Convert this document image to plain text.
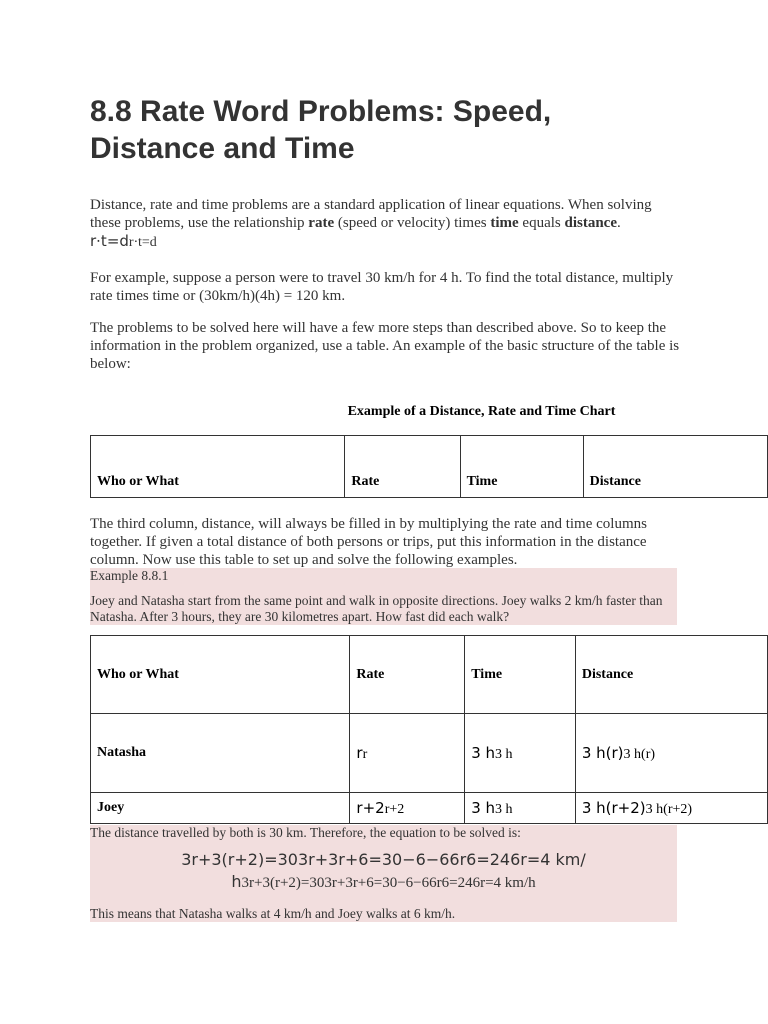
8.8 Rate Word Problems: Speed, Distance and Time

Distance, rate and time problems are a standard application of linear equations. When solving these problems, use the relationship rate (speed or velocity) times time equals distance.
r⋅t=dr⋅t=d

For example, suppose a person were to travel 30 km/h for 4 h. To find the total distance, multiply rate times time or (30km/h)(4h) = 120 km.

The problems to be solved here will have a few more steps than described above. So to keep the information in the problem organized, use a table. An example of the basic structure of the table is below:

Example of a Distance, Rate and Time Chart
Who or What	Rate	Time	Distance

The third column, distance, will always be filled in by multiplying the rate and time columns together. If given a total distance of both persons or trips, put this information in the distance column. Now use this table to set up and solve the following examples.

Example 8.8.1
Joey and Natasha start from the same point and walk in opposite directions. Joey walks 2 km/h faster than Natasha. After 3 hours, they are 30 kilometres apart. How fast did each walk?
Who or What	Rate	Time	Distance
Natasha	rr	3 h3 h	3 h(r)3 h(r)
Joey	r+2r+2	3 h3 h	3 h(r+2)3 h(r+2)
The distance travelled by both is 30 km. Therefore, the equation to be solved is:
3r+3(r+2)=303r+3r+6=30−6−66r6=246r=4 km/
h3r+3(r+2)=303r+3r+6=30−6−66r6=246r=4 km/h
This means that Natasha walks at 4 km/h and Joey walks at 6 km/h.
